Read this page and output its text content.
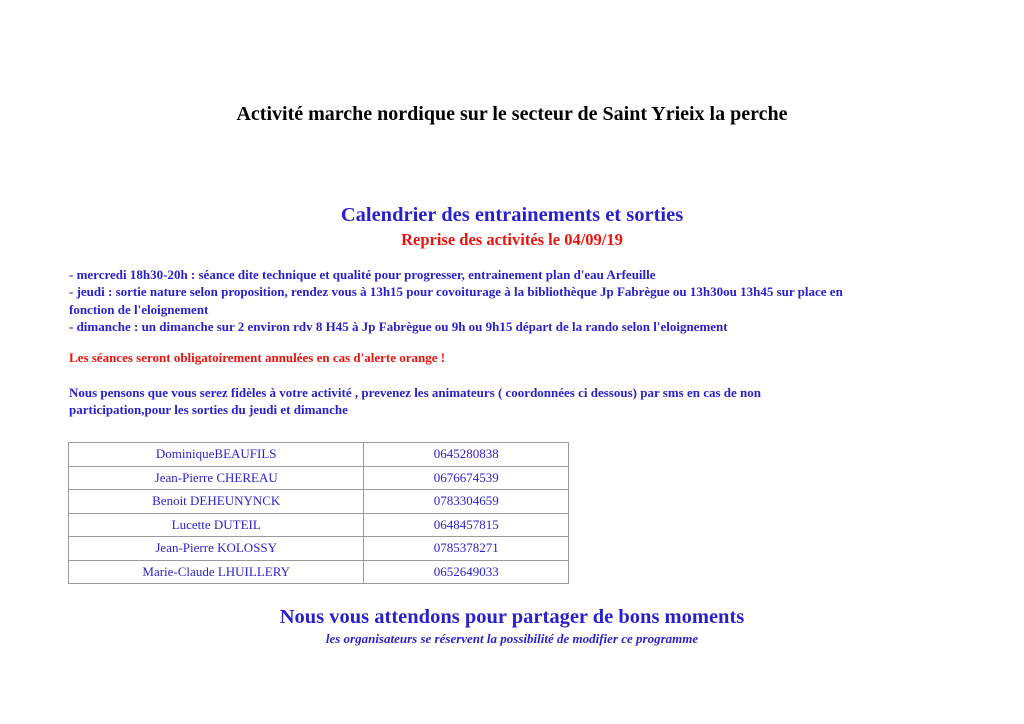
Activité marche nordique sur le secteur de Saint Yrieix la perche
Calendrier des entrainements et sorties
Reprise des activités le 04/09/19
- mercredi 18h30-20h : séance dite technique et qualité pour progresser, entrainement plan d'eau Arfeuille
- jeudi : sortie nature selon proposition, rendez vous à 13h15 pour covoiturage à la bibliothèque Jp Fabrègue ou 13h30ou 13h45 sur place en
fonction de l'eloignement
- dimanche : un dimanche sur 2 environ rdv 8 H45 à Jp Fabrègue ou 9h ou 9h15 départ de la rando selon l'eloignement
Les séances seront obligatoirement annulées en cas d'alerte orange !
Nous pensons que vous serez fidèles à votre activité , prevenez les animateurs ( coordonnées ci dessous) par sms en cas de non
participation,pour les sorties du jeudi et dimanche
DominiqueBEAUFILS	0645280838
Jean-Pierre CHEREAU	0676674539
Benoit DEHEUNYNCK	0783304659
Lucette DUTEIL	0648457815
Jean-Pierre KOLOSSY	0785378271
Marie-Claude LHUILLERY	0652649033
Nous vous attendons pour partager de bons moments
les organisateurs se réservent la possibilité de modifier ce programme
